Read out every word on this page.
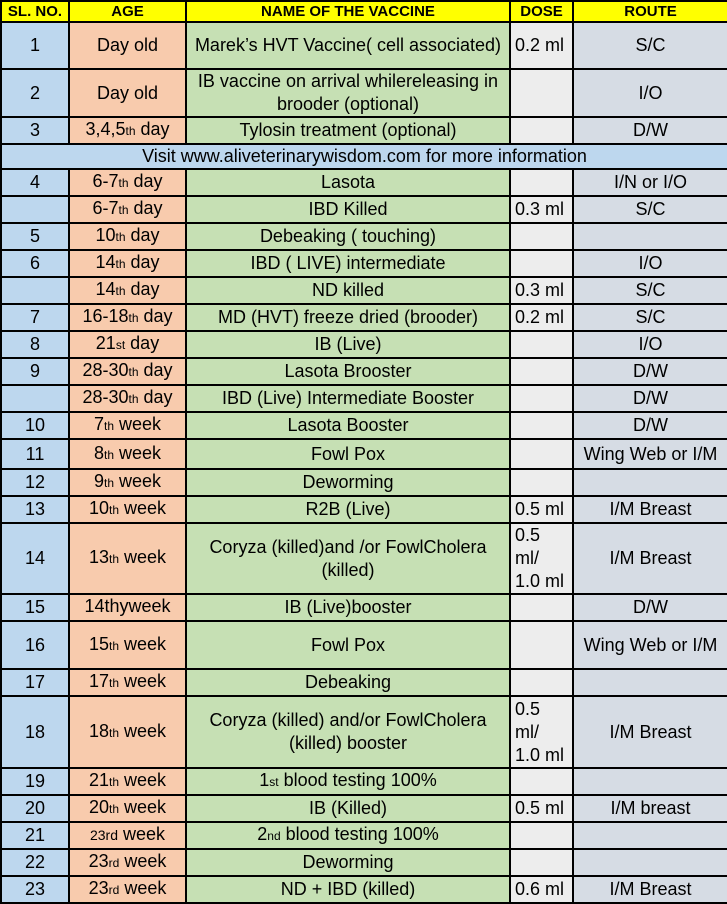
SL. NO.	AGE	NAME OF THE VACCINE	DOSE	ROUTE
1	Day old	Marek’s HVT Vaccine( cell associated)	0.2 ml	S/C
2	Day old	IB vaccine on arrival whilereleasing in brooder (optional)		I/O
3	3,4,5th day	Tylosin treatment (optional)		D/W
Visit www.aliveterinarywisdom.com for more information				
4	6-7th day	Lasota		I/N or I/O
	6-7th day	IBD Killed	0.3 ml	S/C
5	10th day	Debeaking ( touching)		
6	14th day	IBD ( LIVE) intermediate		I/O
	14th day	ND killed	0.3 ml	S/C
7	16-18th day	MD (HVT) freeze dried (brooder)	0.2 ml	S/C
8	21st day	IB (Live)		I/O
9	28-30th day	Lasota Brooster		D/W
	28-30th day	IBD (Live) Intermediate Booster		D/W
10	7th week	Lasota Booster		D/W
11	8th week	Fowl Pox		Wing Web or I/M
12	9th week	Deworming		
13	10th week	R2B (Live)	0.5 ml	I/M Breast
14	13th week	Coryza (killed)and /or FowlCholera (killed)	0.5 ml/ 1.0 ml	I/M Breast
15	14thyweek	IB (Live)booster		D/W
16	15th week	Fowl Pox		Wing Web or I/M
17	17th week	Debeaking		
18	18th week	Coryza (killed) and/or FowlCholera (killed) booster	0.5 ml/ 1.0 ml	I/M Breast
19	21th week	1st blood testing 100%		
20	20th week	IB (Killed)	0.5 ml	I/M breast
21	23rd week	2nd blood testing 100%		
22	23rd week	Deworming		
23	23rd week	ND + IBD (killed)	0.6 ml	I/M Breast
